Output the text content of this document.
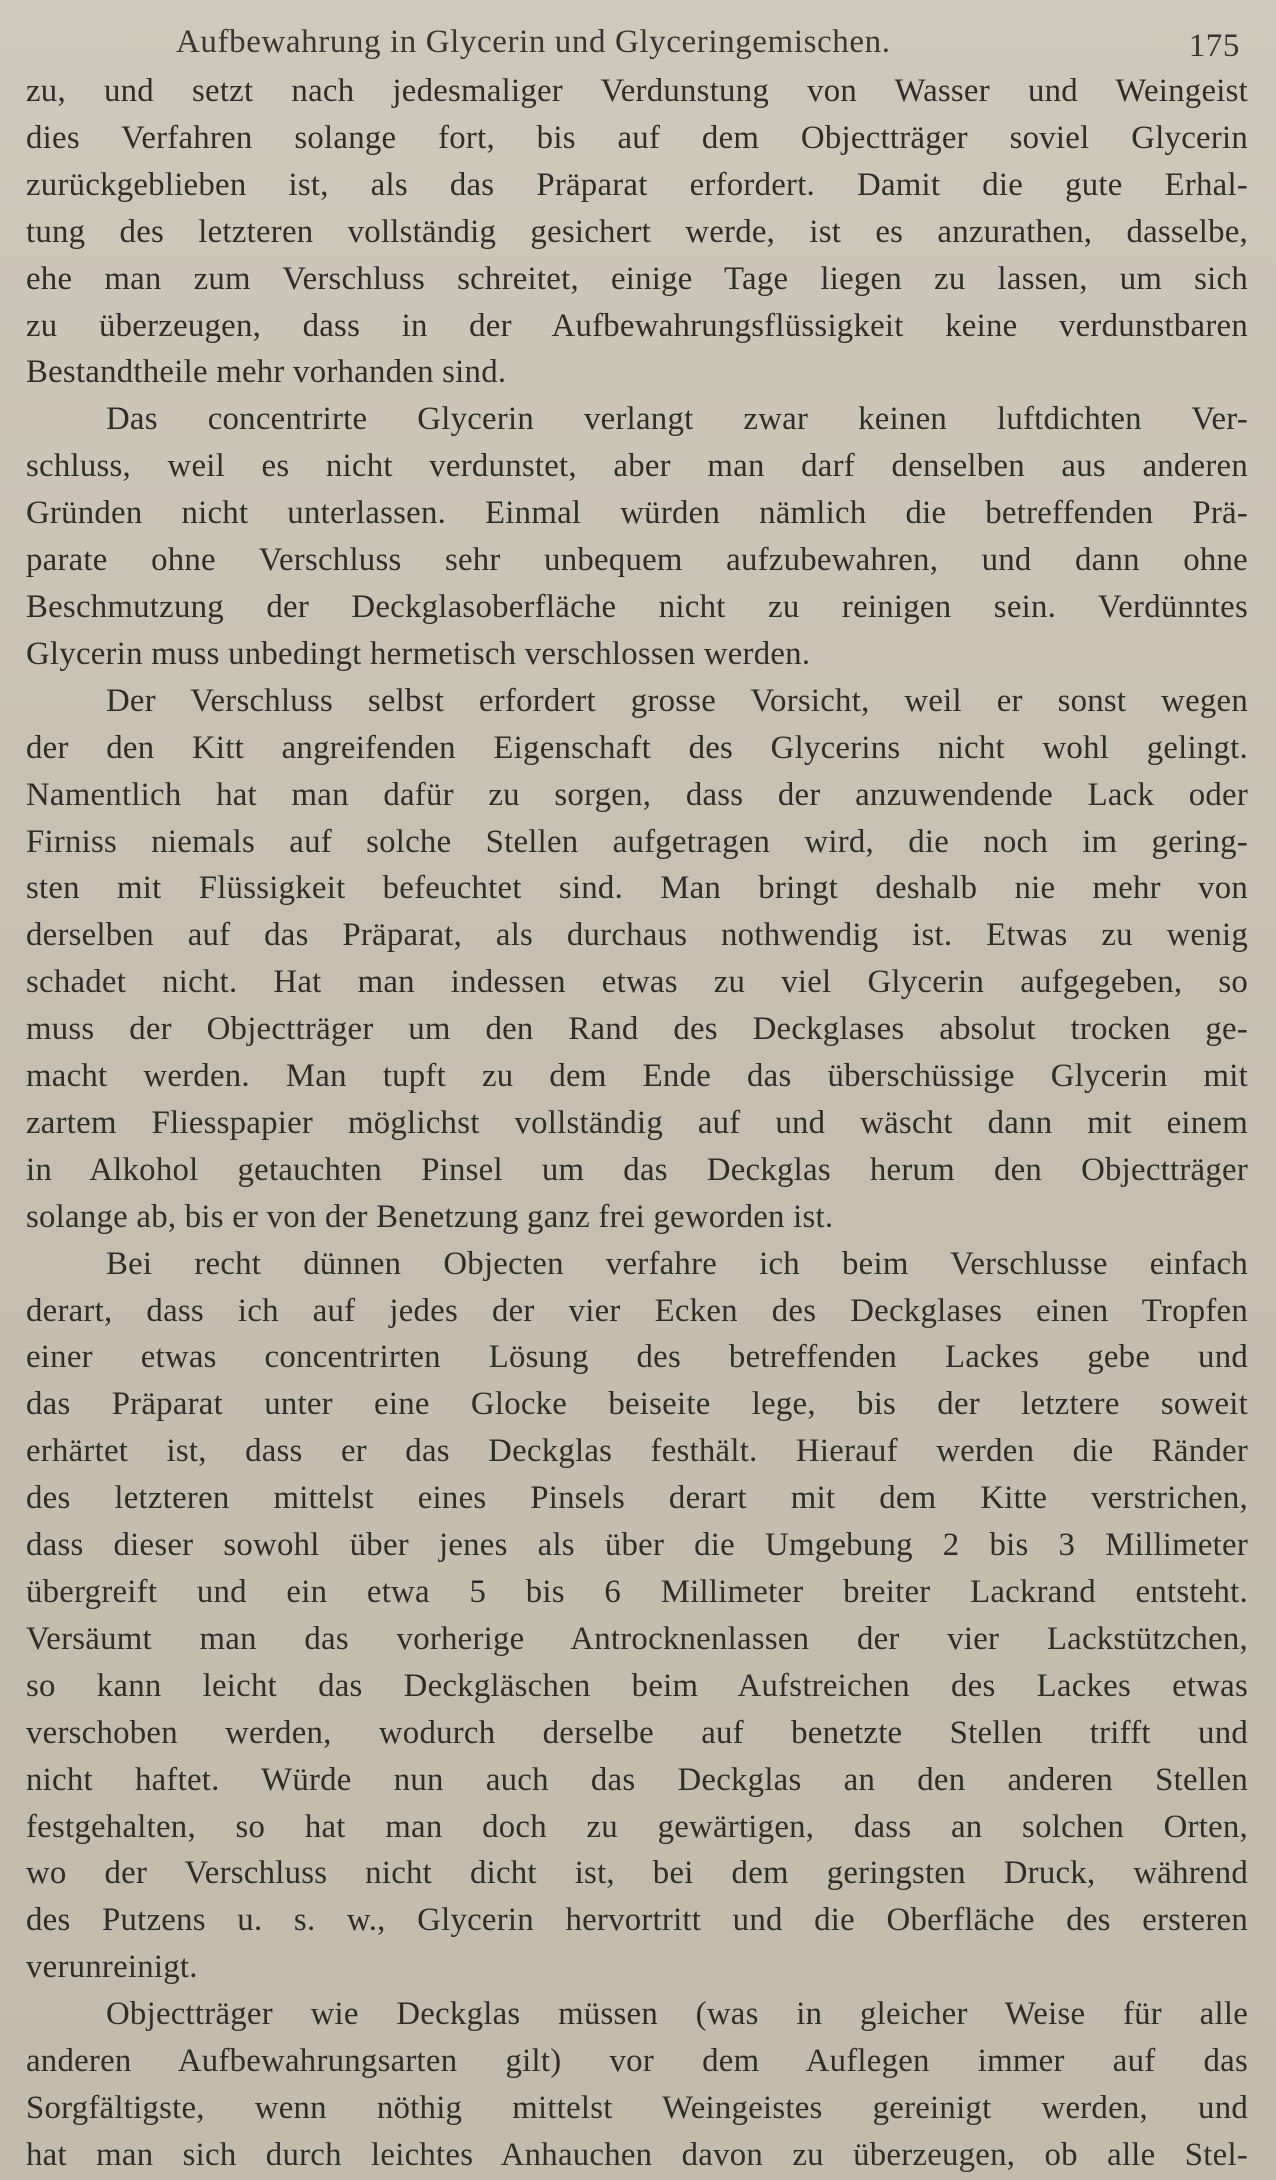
Aufbewahrung in Glycerin und Glyceringemischen.	175
zu, und setzt nach jedesmaliger Verdunstung von Wasser und Weingeist
dies Verfahren solange fort, bis auf dem Objectträger soviel Glycerin
zurückgeblieben ist, als das Präparat erfordert. Damit die gute Erhal-
tung des letzteren vollständig gesichert werde, ist es anzurathen, dasselbe,
ehe man zum Verschluss schreitet, einige Tage liegen zu lassen, um sich
zu überzeugen, dass in der Aufbewahrungsflüssigkeit keine verdunstbaren
Bestandtheile mehr vorhanden sind.
Das concentrirte Glycerin verlangt zwar keinen luftdichten Ver-
schluss, weil es nicht verdunstet, aber man darf denselben aus anderen
Gründen nicht unterlassen. Einmal würden nämlich die betreffenden Prä-
parate ohne Verschluss sehr unbequem aufzubewahren, und dann ohne
Beschmutzung der Deckglasoberfläche nicht zu reinigen sein. Verdünntes
Glycerin muss unbedingt hermetisch verschlossen werden.
Der Verschluss selbst erfordert grosse Vorsicht, weil er sonst wegen
der den Kitt angreifenden Eigenschaft des Glycerins nicht wohl gelingt.
Namentlich hat man dafür zu sorgen, dass der anzuwendende Lack oder
Firniss niemals auf solche Stellen aufgetragen wird, die noch im gering-
sten mit Flüssigkeit befeuchtet sind. Man bringt deshalb nie mehr von
derselben auf das Präparat, als durchaus nothwendig ist. Etwas zu wenig
schadet nicht. Hat man indessen etwas zu viel Glycerin aufgegeben, so
muss der Objectträger um den Rand des Deckglases absolut trocken ge-
macht werden. Man tupft zu dem Ende das überschüssige Glycerin mit
zartem Fliesspapier möglichst vollständig auf und wäscht dann mit einem
in Alkohol getauchten Pinsel um das Deckglas herum den Objectträger
solange ab, bis er von der Benetzung ganz frei geworden ist.
Bei recht dünnen Objecten verfahre ich beim Verschlusse einfach
derart, dass ich auf jedes der vier Ecken des Deckglases einen Tropfen
einer etwas concentrirten Lösung des betreffenden Lackes gebe und
das Präparat unter eine Glocke beiseite lege, bis der letztere soweit
erhärtet ist, dass er das Deckglas festhält. Hierauf werden die Ränder
des letzteren mittelst eines Pinsels derart mit dem Kitte verstrichen,
dass dieser sowohl über jenes als über die Umgebung 2 bis 3 Millimeter
übergreift und ein etwa 5 bis 6 Millimeter breiter Lackrand entsteht.
Versäumt man das vorherige Antrocknenlassen der vier Lackstützchen,
so kann leicht das Deckgläschen beim Aufstreichen des Lackes etwas
verschoben werden, wodurch derselbe auf benetzte Stellen trifft und
nicht haftet. Würde nun auch das Deckglas an den anderen Stellen
festgehalten, so hat man doch zu gewärtigen, dass an solchen Orten,
wo der Verschluss nicht dicht ist, bei dem geringsten Druck, während
des Putzens u. s. w., Glycerin hervortritt und die Oberfläche des ersteren
verunreinigt.
Objectträger wie Deckglas müssen (was in gleicher Weise für alle
anderen Aufbewahrungsarten gilt) vor dem Auflegen immer auf das
Sorgfältigste, wenn nöthig mittelst Weingeistes gereinigt werden, und
hat man sich durch leichtes Anhauchen davon zu überzeugen, ob alle Stel-
